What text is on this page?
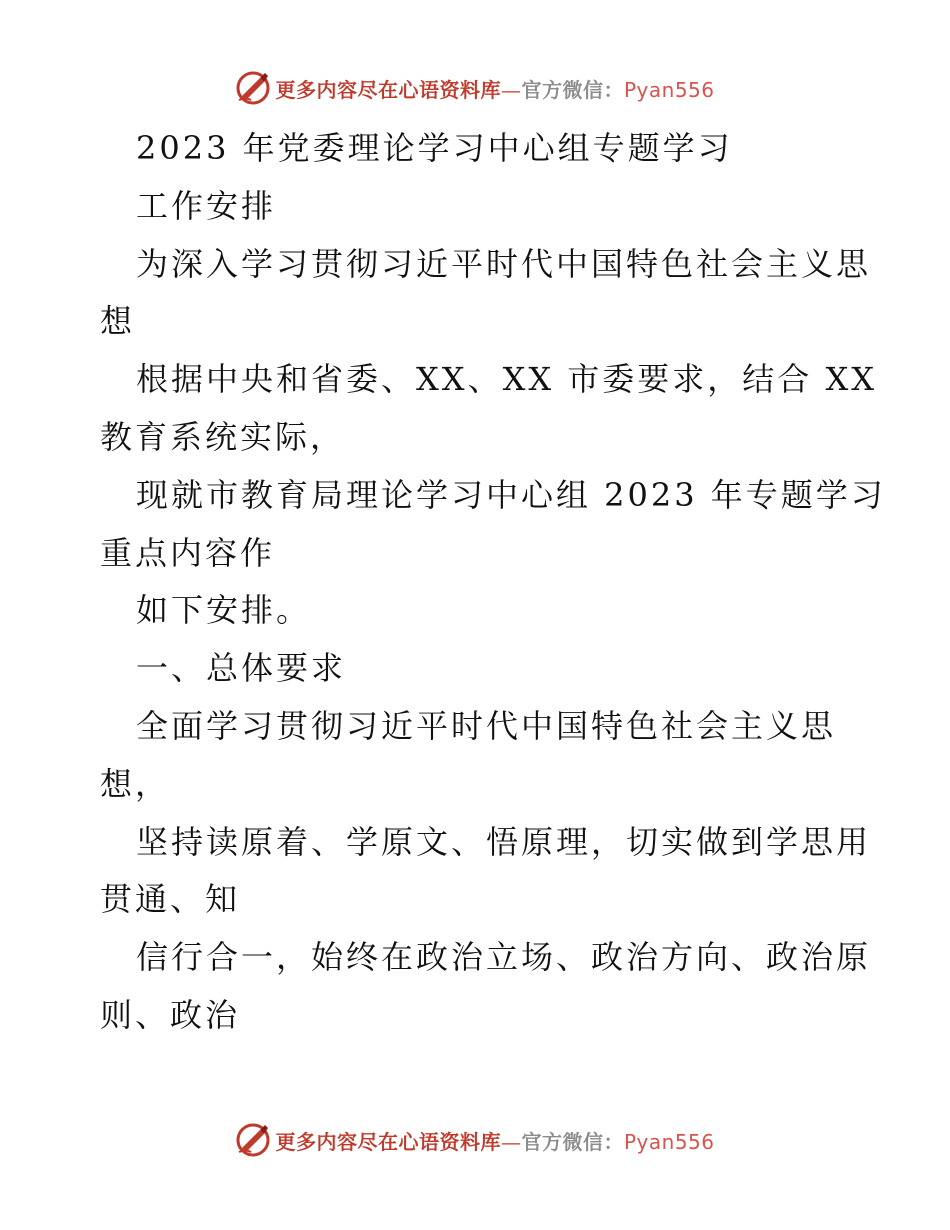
更多内容尽在心语资料库—官方微信：Pyan556

2023 年党委理论学习中心组专题学习

工作安排

为深入学习贯彻习近平时代中国特色社会主义思

想

根据中央和省委、XX、XX 市委要求，结合 XX

教育系统实际，

现就市教育局理论学习中心组 2023 年专题学习

重点内容作

如下安排。

一、总体要求

全面学习贯彻习近平时代中国特色社会主义思

想，

坚持读原着、学原文、悟原理，切实做到学思用

贯通、知

信行合一，始终在政治立场、政治方向、政治原

则、政治

更多内容尽在心语资料库—官方微信：Pyan556
